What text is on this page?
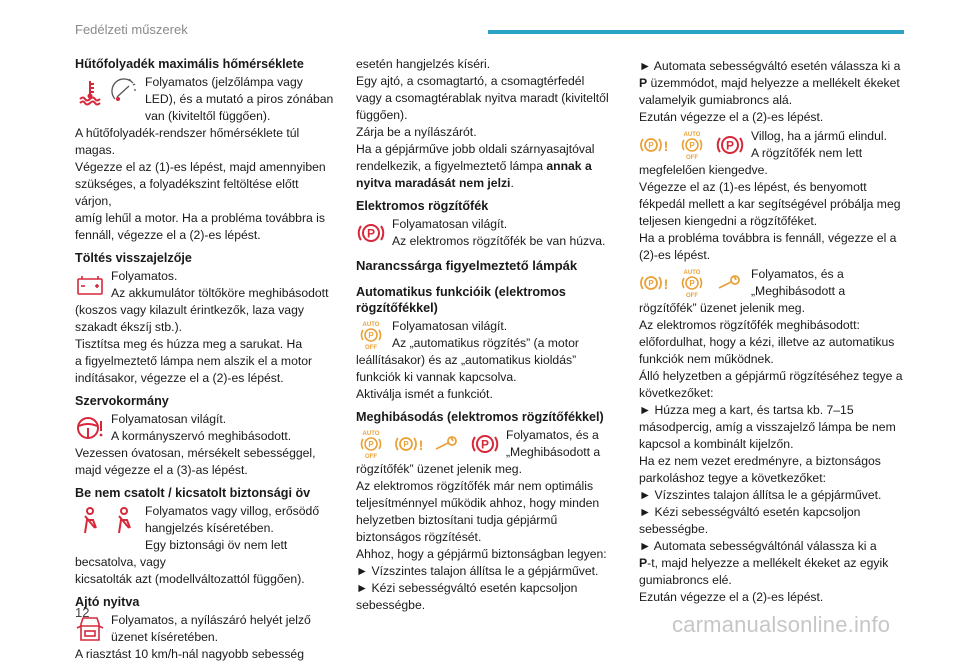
Fedélzeti műszerek
Hűtőfolyadék maximális hőmérséklete

Folyamatos (jelzőlámpa vagy

LED), és a mutató a piros zónában

van (kiviteltől függően).

A hűtőfolyadék-rendszer hőmérséklete túl

magas.

Végezze el az (1)-es lépést, majd amennyiben

szükséges, a folyadékszint feltöltése előtt várjon,

amíg lehűl a motor. Ha a probléma továbbra is

fennáll, végezze el a (2)-es lépést.

Töltés visszajelzője

Folyamatos.

Az akkumulátor töltőköre meghibásodott

(koszos vagy kilazult érintkezők, laza vagy

szakadt ékszíj stb.).

Tisztítsa meg és húzza meg a sarukat. Ha

a figyelmeztető lámpa nem alszik el a motor

indításakor, végezze el a (2)-es lépést.

Szervokormány

Folyamatosan világít.

A kormányszervó meghibásodott.

Vezessen óvatosan, mérsékelt sebességgel,

majd végezze el a (3)-as lépést.

Be nem csatolt / kicsatolt biztonsági öv

Folyamatos vagy villog, erősödő

hangjelzés kíséretében.

Egy biztonsági öv nem lett becsatolva, vagy

kicsatolták azt (modellváltozattól függően).

Ajtó nyitva

Folyamatos, a nyílászáró helyét jelző

üzenet kíséretében.

A riasztást 10 km/h-nál nagyobb sebesség

esetén hangjelzés kíséri.

Egy ajtó, a csomagtartó, a csomagtérfedél

vagy a csomagtérablak nyitva maradt (kiviteltől

függően).

Zárja be a nyílászárót.

Ha a gépjárműve jobb oldali szárnyasajtóval

rendelkezik, a figyelmeztető lámpa annak a

nyitva maradását nem jelzi.

Elektromos rögzítőfék
P

Folyamatosan világít.

Az elektromos rögzítőfék be van húzva.

Narancssárga figyelmeztető lámpák
Automatikus funkcióik (elektromos rögzítőfékkel)
AUTO
P
OFF

Folyamatosan világít.

Az „automatikus rögzítés” (a motor

leállításakor) és az „automatikus kioldás”

funkciók ki vannak kapcsolva.

Aktiválja ismét a funkciót.

Meghibásodás (elektromos rögzítőfékkel)
AUTO
P
OFF
P !	P

Folyamatos, és a

„Meghibásodott a

rögzítőfék” üzenet jelenik meg.

Az elektromos rögzítőfék már nem optimális

teljesítménnyel működik ahhoz, hogy minden

helyzetben biztosítani tudja gépjármű

biztonságos rögzítését.

Ahhoz, hogy a gépjármű biztonságban legyen:

► Vízszintes talajon állítsa le a gépjárművet.

► Kézi sebességváltó esetén kapcsoljon

sebességbe.

► Automata sebességváltó esetén válassza ki a

P üzemmódot, majd helyezze a mellékelt ékeket

valamelyik gumiabroncs alá.

Ezután végezze el a (2)-es lépést.

P !
AUTO
P
OFF
P

Villog, ha a jármű elindul.

A rögzítőfék nem lett

megfelelően kiengedve.

Végezze el az (1)-es lépést, és benyomott

fékpedál mellett a kar segítségével próbálja meg

teljesen kiengedni a rögzítőféket.

Ha a probléma továbbra is fennáll, végezze el a

(2)-es lépést.

P !
AUTO
P
OFF

Folyamatos, és a

„Meghibásodott a

rögzítőfék” üzenet jelenik meg.

Az elektromos rögzítőfék meghibásodott:

előfordulhat, hogy a kézi, illetve az automatikus

funkciók nem működnek.

Álló helyzetben a gépjármű rögzítéséhez tegye a

következőket:

► Húzza meg a kart, és tartsa kb. 7–15

másodpercig, amíg a visszajelző lámpa be nem

kapcsol a kombinált kijelzőn.

Ha ez nem vezet eredményre, a biztonságos

parkoláshoz tegye a következőket:

► Vízszintes talajon állítsa le a gépjárművet.

► Kézi sebességváltó esetén kapcsoljon

sebességbe.

► Automata sebességváltónál válassza ki a

P-t, majd helyezze a mellékelt ékeket az egyik

gumiabroncs elé.

Ezután végezze el a (2)-es lépést.

12	carmanualsonline.info
